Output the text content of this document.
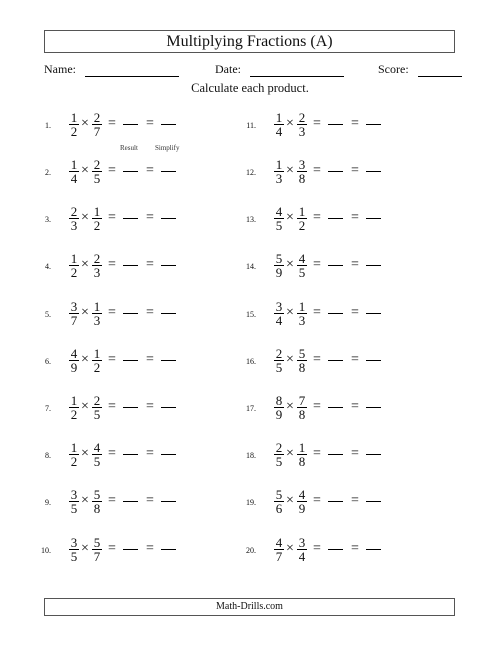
Multiplying Fractions (A)
Name:	Date:	Score:
Calculate each product.
Result Simplify
1.
1
2
× 2
7
= =
2.
1
4
× 2
5
= =
3.
2
3
× 1
2
= =
4.
1
2
× 2
3
= =
5.
3
7
× 1
3
= =
6.
4
9
× 1
2
= =
7.
1
2
× 2
5
= =
8.
1
2
× 4
5
= =
9.
3
5
× 5
8
= =
10.
3
5
× 5
7
= =
11.
1
4
× 2
3
= =
12.
1
3
× 3
8
= =
13.
4
5
× 1
2
= =
14.
5
9
× 4
5
= =
15.
3
4
× 1
3
= =
16.
2
5
× 5
8
= =
17.
8
9
× 7
8
= =
18.
2
5
× 1
8
= =
19.
5
6
× 4
9
= =
20.
4
7
× 3
4
= =
Math-Drills.com
